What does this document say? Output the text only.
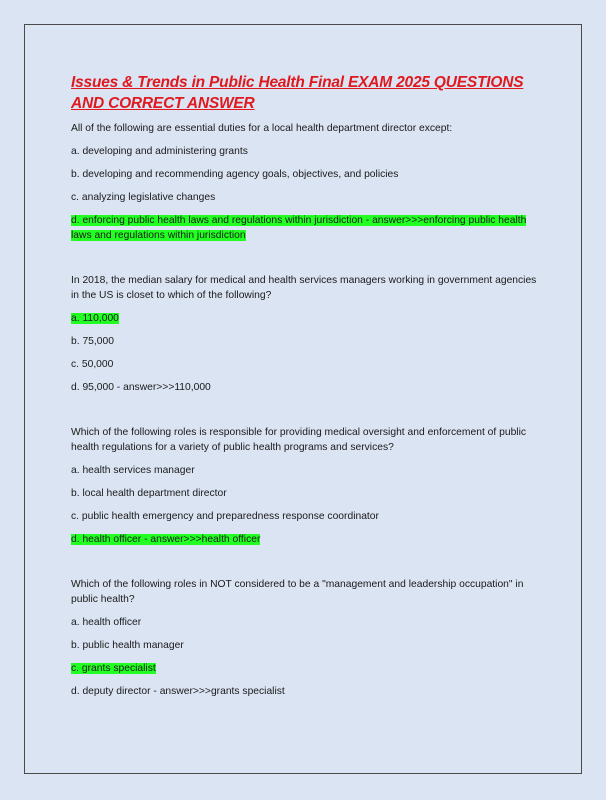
Issues & Trends in Public Health Final EXAM 2025 QUESTIONS AND CORRECT ANSWER

All of the following are essential duties for a local health department director except:

a. developing and administering grants

b. developing and recommending agency goals, objectives, and policies

c. analyzing legislative changes

d. enforcing public health laws and regulations within jurisdiction - answer>>>enforcing public health laws and regulations within jurisdiction

In 2018, the median salary for medical and health services managers working in government agencies in the US is closet to which of the following?

a. 110,000

b. 75,000

c. 50,000

d. 95,000 - answer>>>110,000

Which of the following roles is responsible for providing medical oversight and enforcement of public health regulations for a variety of public health programs and services?

a. health services manager

b. local health department director

c. public health emergency and preparedness response coordinator

d. health officer - answer>>>health officer

Which of the following roles in NOT considered to be a "management and leadership occupation" in public health?

a. health officer

b. public health manager

c. grants specialist

d. deputy director - answer>>>grants specialist
